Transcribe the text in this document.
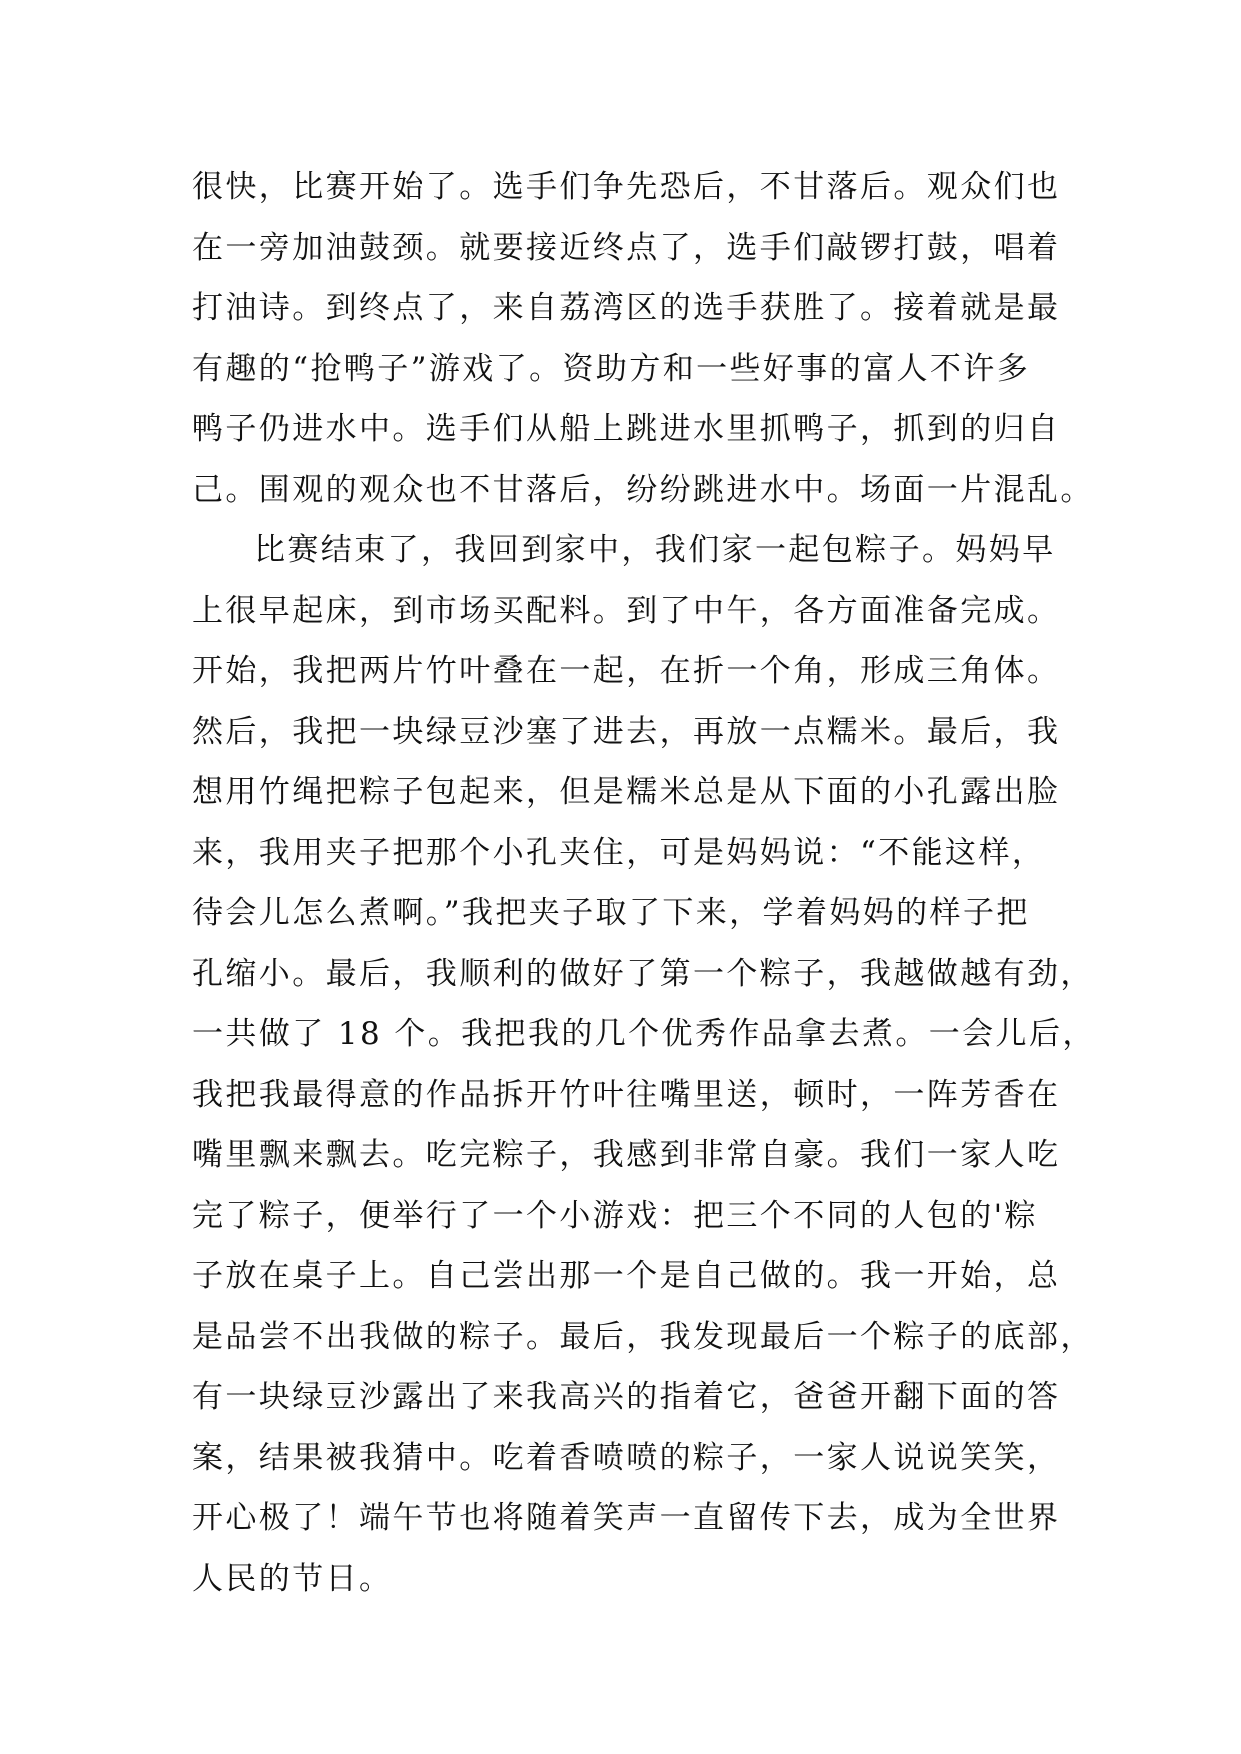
很快，比赛开始了。选手们争先恐后，不甘落后。观众们也
在一旁加油鼓颈。就要接近终点了，选手们敲锣打鼓，唱着
打油诗。到终点了，来自荔湾区的选手获胜了。接着就是最
有趣的“抢鸭子”游戏了。资助方和一些好事的富人不许多
鸭子仍进水中。选手们从船上跳进水里抓鸭子，抓到的归自
己。围观的观众也不甘落后，纷纷跳进水中。场面一片混乱。
比赛结束了，我回到家中，我们家一起包粽子。妈妈早
上很早起床，到市场买配料。到了中午，各方面准备完成。
开始，我把两片竹叶叠在一起，在折一个角，形成三角体。
然后，我把一块绿豆沙塞了进去，再放一点糯米。最后，我
想用竹绳把粽子包起来，但是糯米总是从下面的小孔露出脸
来，我用夹子把那个小孔夹住，可是妈妈说：“不能这样，
待会儿怎么煮啊。”我把夹子取了下来，学着妈妈的样子把
孔缩小。最后，我顺利的做好了第一个粽子，我越做越有劲，
一共做了 18 个。我把我的几个优秀作品拿去煮。一会儿后，
我把我最得意的作品拆开竹叶往嘴里送，顿时，一阵芳香在
嘴里飘来飘去。吃完粽子，我感到非常自豪。我们一家人吃
完了粽子，便举行了一个小游戏：把三个不同的人包的'粽
子放在桌子上。自己尝出那一个是自己做的。我一开始，总
是品尝不出我做的粽子。最后，我发现最后一个粽子的底部，
有一块绿豆沙露出了来我高兴的指着它，爸爸开翻下面的答
案，结果被我猜中。吃着香喷喷的粽子，一家人说说笑笑，
开心极了！端午节也将随着笑声一直留传下去，成为全世界
人民的节日。
